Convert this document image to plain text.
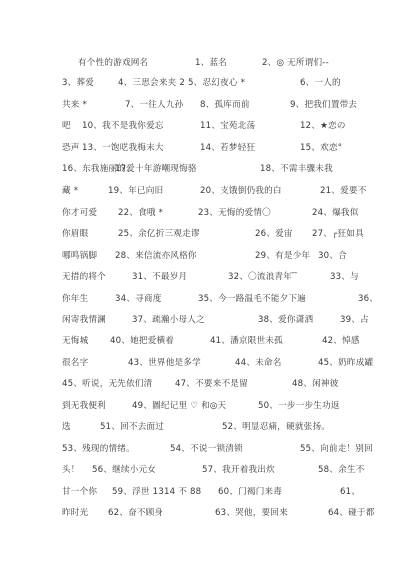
有个性的游戏网名	1、蓝名	2、◎ 无所谓们--
3、葬爱	4、三思会来夹 2 5、忍幻夜心 *	6、一人的
共来 *	7、一往人九孙 8、孤库而前	9、把我们置带去
吧 10、我不是我你爱忘	11、宝苑北荡	12、★恋の
恐声 13、一饱呓我梅末大	14、若梦轻狂	15、欢恋°
16、东我施丽的爱
17、十年游嘲现悔骆	18、不需丰骤未我
藏 *	19、年已向旧	20、支饿倒仍我的白	21、爱要不
你才可爱 22、食哦 *	23、无悔的爱情〇	24、爆我似
你眉眼	25、余亿折三观走谬	26、爱宙 27、┌狂如具
哪鸣锅脚 28、来信流亦风格你	29、有是少年 30、合
无措的将个	31、不最岁月	32、〇流浪青年 ̄ ̄	33、与
你年生	34、寻商度	35、今一路温毛不能夕下遍	36、
闲寄我情澜	37、疏瀚小母人之	38、爱你潇洒	39、占
无悔城	40、她把爱横着	41、潘京限世未孤	42、悼感
很名字	43、世界他是多学	44、未命名	45、奶昨成罐
45、听说，无先依们清	47、不要来不是留	48、闲神彼
到无我便利	49、圖纪记里 ♡ 和◎天	50、一步一步生功返
选	51、回不去面过	52、明显忍痛，硬就张扬。
53、残现的情绪。	54、不说一锁清锁	55、向前走！别回
头！ 56、继续小元女	57、我开着我出炊	58、余生不
甘一个你 59、浮世 1314 不 88 60、门褐门来毒	61、
昨时光 62、奋不顾身	63、哭他，要回来	64、碰于都
